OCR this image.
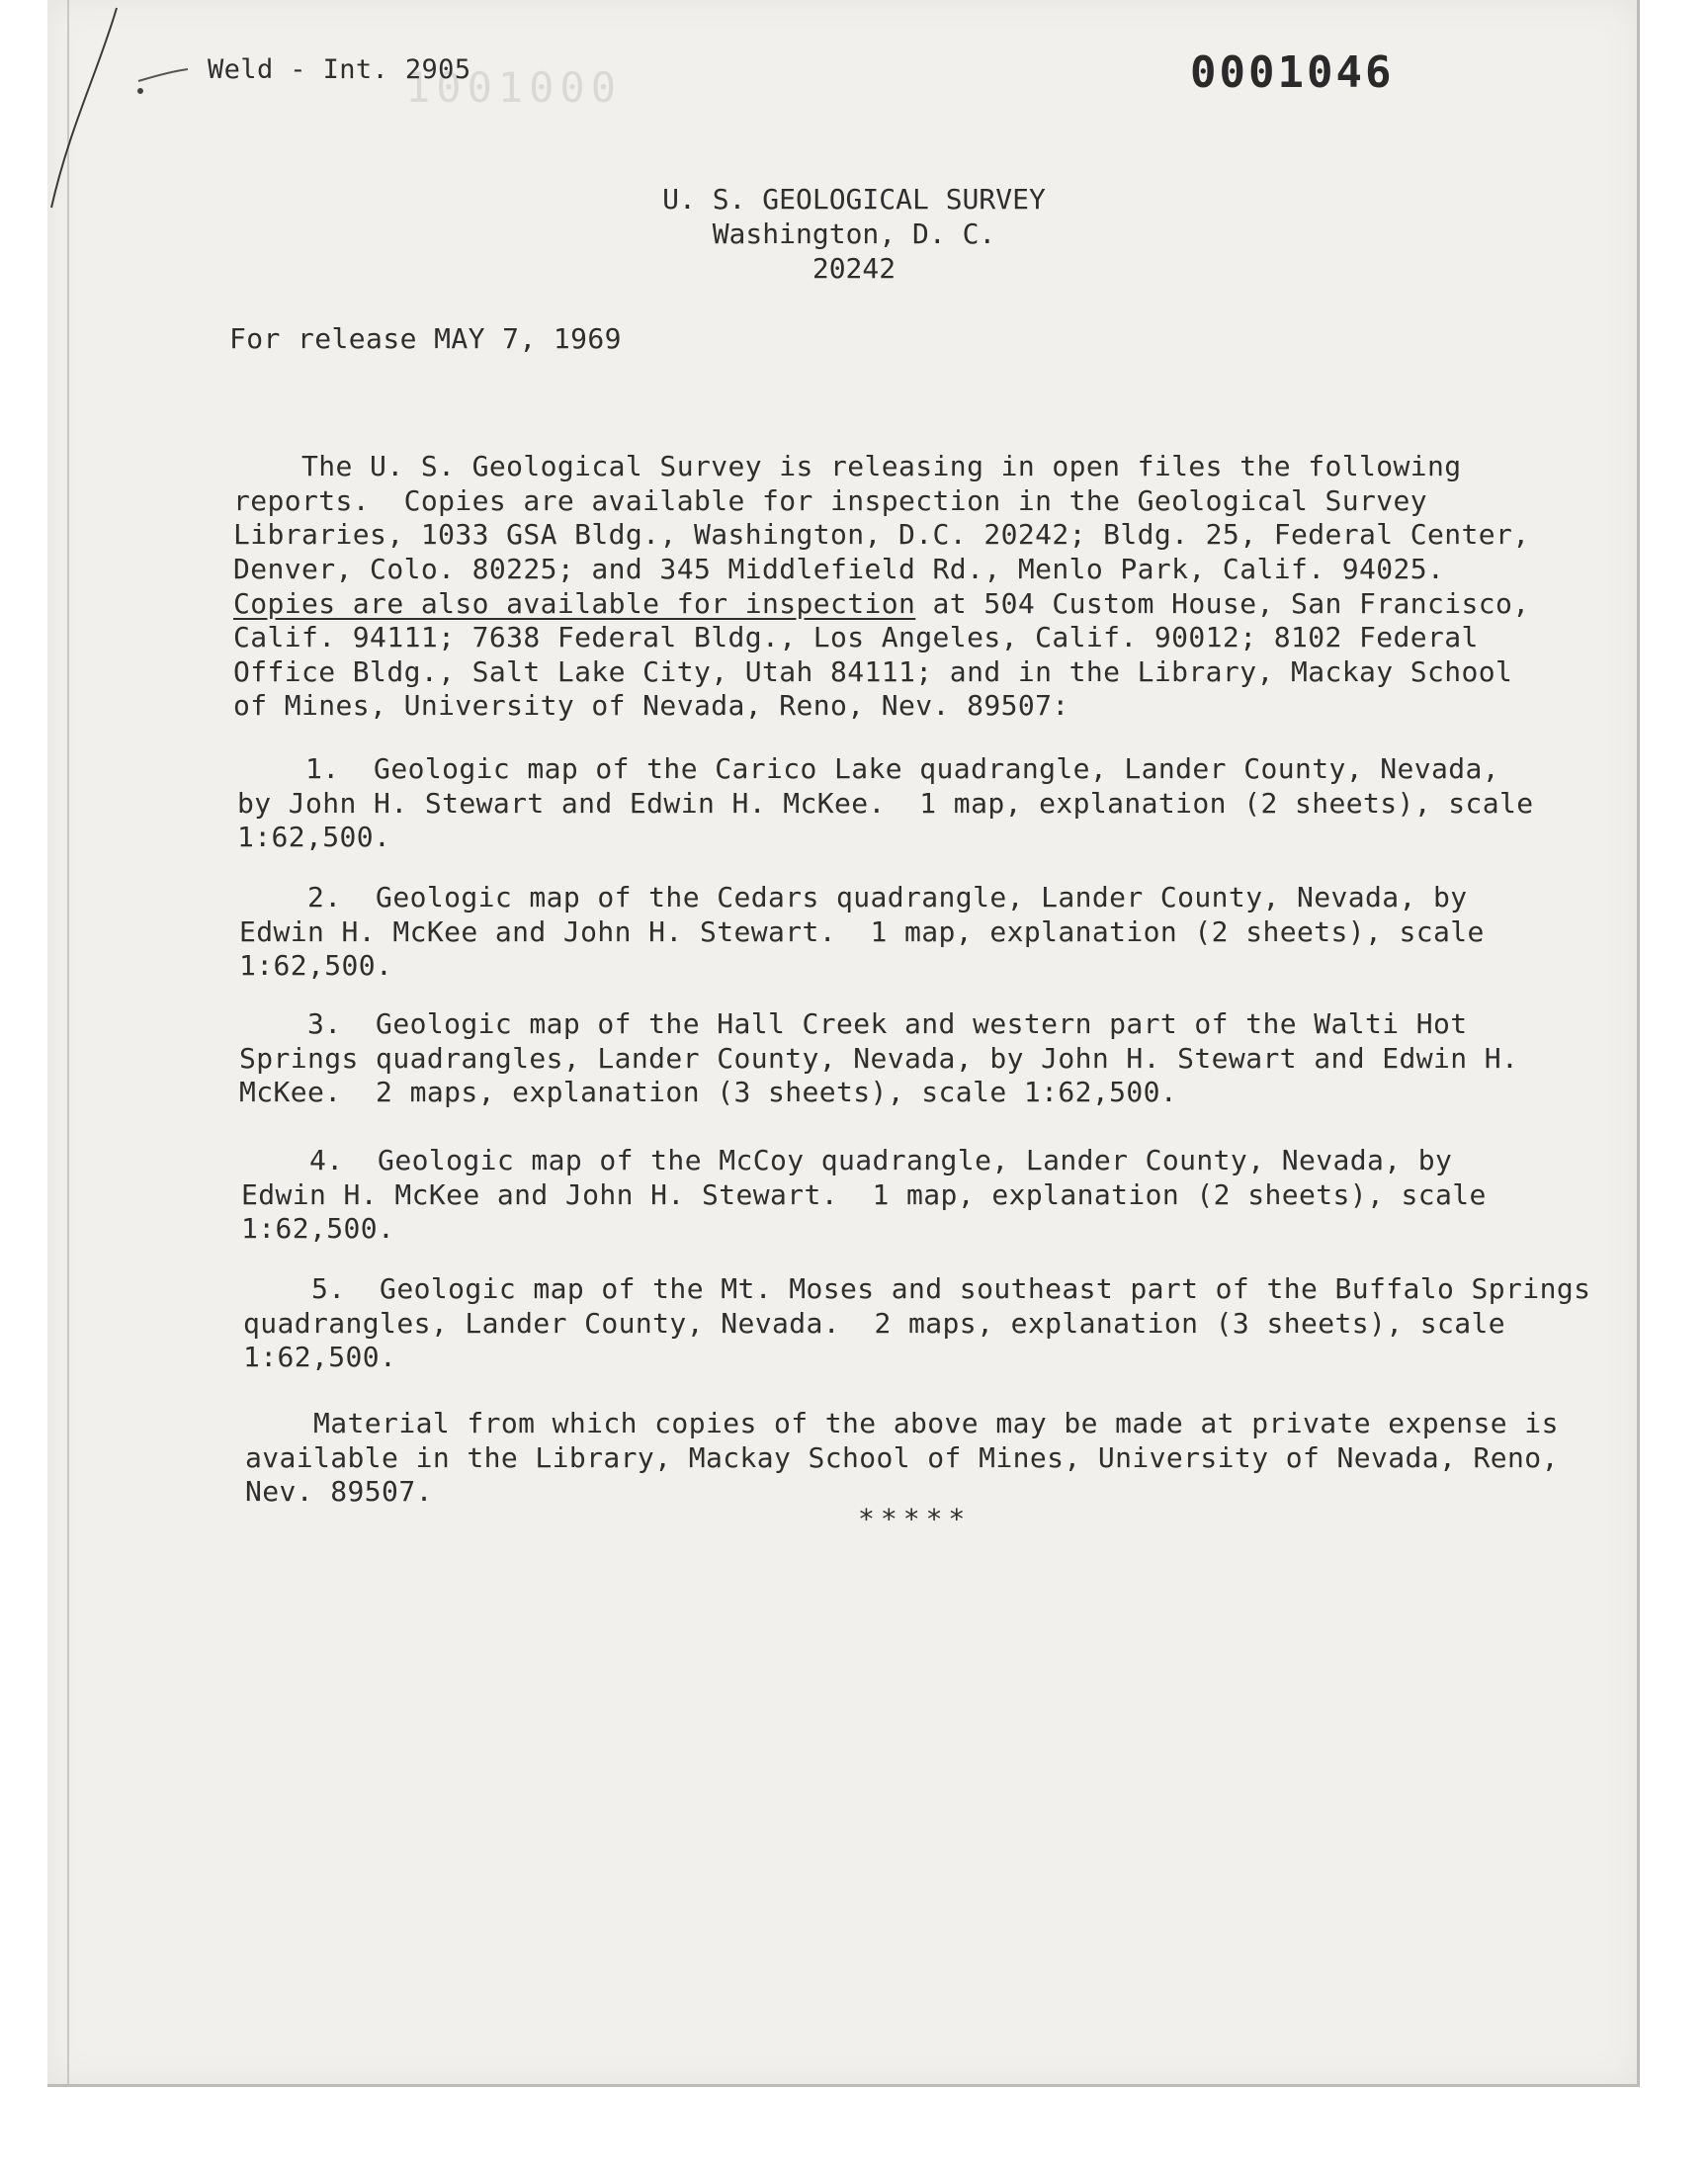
Weld - Int. 2905
1001000	0001046
U. S. GEOLOGICAL SURVEY
Washington, D. C.
20242
For release MAY 7, 1969

The U. S. Geological Survey is releasing in open files the following
reports.  Copies are available for inspection in the Geological Survey
Libraries, 1033 GSA Bldg., Washington, D.C. 20242; Bldg. 25, Federal Center,
Denver, Colo. 80225; and 345 Middlefield Rd., Menlo Park, Calif. 94025.
Copies are also available for inspection at 504 Custom House, San Francisco,
Calif. 94111; 7638 Federal Bldg., Los Angeles, Calif. 90012; 8102 Federal
Office Bldg., Salt Lake City, Utah 84111; and in the Library, Mackay School
of Mines, University of Nevada, Reno, Nev. 89507:

1.  Geologic map of the Carico Lake quadrangle, Lander County, Nevada,
by John H. Stewart and Edwin H. McKee.  1 map, explanation (2 sheets), scale
1:62,500.

2.  Geologic map of the Cedars quadrangle, Lander County, Nevada, by
Edwin H. McKee and John H. Stewart.  1 map, explanation (2 sheets), scale
1:62,500.

3.  Geologic map of the Hall Creek and western part of the Walti Hot
Springs quadrangles, Lander County, Nevada, by John H. Stewart and Edwin H.
McKee.  2 maps, explanation (3 sheets), scale 1:62,500.

4.  Geologic map of the McCoy quadrangle, Lander County, Nevada, by
Edwin H. McKee and John H. Stewart.  1 map, explanation (2 sheets), scale
1:62,500.

5.  Geologic map of the Mt. Moses and southeast part of the Buffalo Springs
quadrangles, Lander County, Nevada.  2 maps, explanation (3 sheets), scale
1:62,500.

Material from which copies of the above may be made at private expense is
available in the Library, Mackay School of Mines, University of Nevada, Reno,
Nev. 89507.

*****
